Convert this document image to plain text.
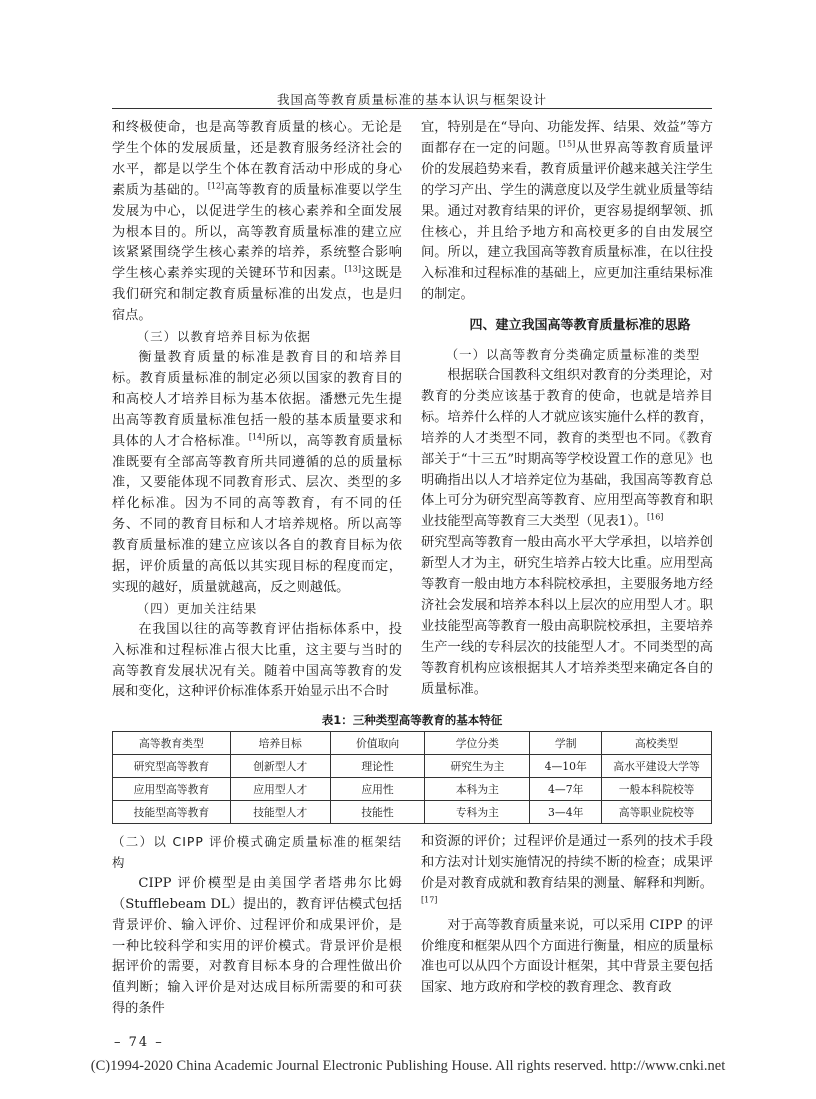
我国高等教育质量标准的基本认识与框架设计

和终极使命，也是高等教育质量的核心。无论是学生个体的发展质量，还是教育服务经济社会的水平，都是以学生个体在教育活动中形成的身心素质为基础的。[12]高等教育的质量标准要以学生发展为中心，以促进学生的核心素养和全面发展为根本目的。所以，高等教育质量标准的建立应该紧紧围绕学生核心素养的培养，系统整合影响学生核心素养实现的关键环节和因素。[13]这既是我们研究和制定教育质量标准的出发点，也是归宿点。

（三）以教育培养目标为依据

衡量教育质量的标准是教育目的和培养目标。教育质量标准的制定必须以国家的教育目的和高校人才培养目标为基本依据。潘懋元先生提出高等教育质量标准包括一般的基本质量要求和具体的人才合格标准。[14]所以，高等教育质量标准既要有全部高等教育所共同遵循的总的质量标准，又要能体现不同教育形式、层次、类型的多样化标准。因为不同的高等教育，有不同的任务、不同的教育目标和人才培养规格。所以高等教育质量标准的建立应该以各自的教育目标为依据，评价质量的高低以其实现目标的程度而定，实现的越好，质量就越高，反之则越低。

（四）更加关注结果

在我国以往的高等教育评估指标体系中，投入标准和过程标准占很大比重，这主要与当时的高等教育发展状况有关。随着中国高等教育的发展和变化，这种评价标准体系开始显示出不合时

宜，特别是在“导向、功能发挥、结果、效益”等方面都存在一定的问题。[15]从世界高等教育质量评价的发展趋势来看，教育质量评价越来越关注学生的学习产出、学生的满意度以及学生就业质量等结果。通过对教育结果的评价，更容易提纲挈领、抓住核心，并且给予地方和高校更多的自由发展空间。所以，建立我国高等教育质量标准，在以往投入标准和过程标准的基础上，应更加注重结果标准的制定。

四、建立我国高等教育质量标准的思路

（一）以高等教育分类确定质量标准的类型

根据联合国教科文组织对教育的分类理论，对教育的分类应该基于教育的使命，也就是培养目标。培养什么样的人才就应该实施什么样的教育，培养的人才类型不同，教育的类型也不同。《教育部关于“十三五”时期高等学校设置工作的意见》也明确指出以人才培养定位为基础，我国高等教育总体上可分为研究型高等教育、应用型高等教育和职业技能型高等教育三大类型（见表1）。[16]

研究型高等教育一般由高水平大学承担，以培养创新型人才为主，研究生培养占较大比重。应用型高等教育一般由地方本科院校承担，主要服务地方经济社会发展和培养本科以上层次的应用型人才。职业技能型高等教育一般由高职院校承担，主要培养生产一线的专科层次的技能型人才。不同类型的高等教育机构应该根据其人才培养类型来确定各自的质量标准。

表1：三种类型高等教育的基本特征
高等教育类型	培养目标	价值取向	学位分类	学制	高校类型
研究型高等教育	创新型人才	理论性	研究生为主	4—10年	高水平建设大学等
应用型高等教育	应用型人才	应用性	本科为主	4—7年	一般本科院校等
技能型高等教育	技能型人才	技能性	专科为主	3—4年	高等职业院校等

（二）以 CIPP 评价模式确定质量标准的框架结构

CIPP 评价模型是由美国学者塔弗尔比姆（Stufflebeam DL）提出的，教育评估模式包括背景评价、输入评价、过程评价和成果评价，是一种比较科学和实用的评价模式。背景评价是根据评价的需要，对教育目标本身的合理性做出价值判断；输入评价是对达成目标所需要的和可获得的条件

和资源的评价；过程评价是通过一系列的技术手段和方法对计划实施情况的持续不断的检查；成果评价是对教育成就和教育结果的测量、解释和判断。[17]

对于高等教育质量来说，可以采用 CIPP 的评价维度和框架从四个方面进行衡量，相应的质量标准也可以从四个方面设计框架，其中背景主要包括国家、地方政府和学校的教育理念、教育政

– 74 –
(C)1994-2020 China Academic Journal Electronic Publishing House. All rights reserved. http://www.cnki.net
